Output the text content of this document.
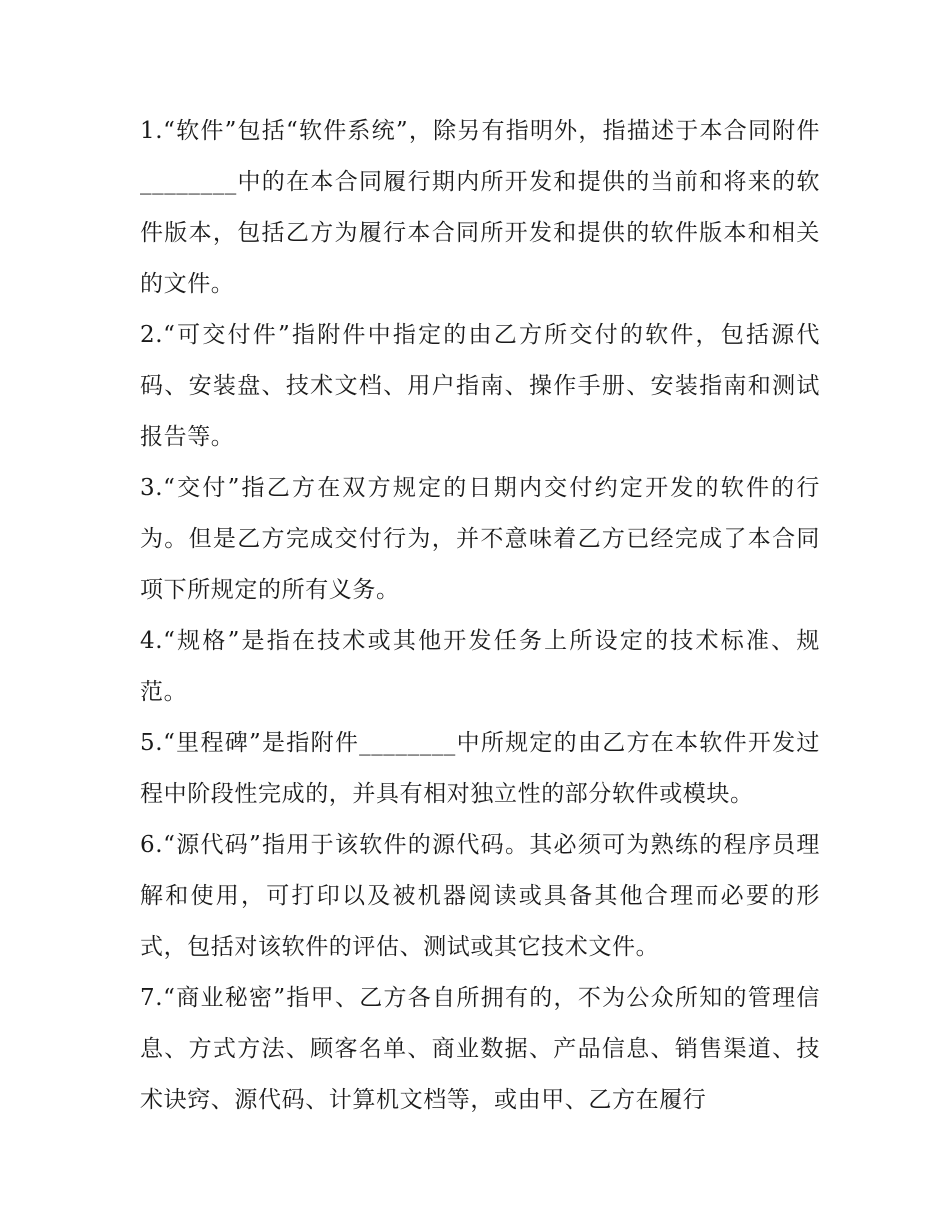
1.“软件”包括“软件系统”，除另有指明外，指描述于本合同附件________中的在本合同履行期内所开发和提供的当前和将来的软件版本，包括乙方为履行本合同所开发和提供的软件版本和相关的文件。

2.“可交付件”指附件中指定的由乙方所交付的软件，包括源代码、安装盘、技术文档、用户指南、操作手册、安装指南和测试报告等。

3.“交付”指乙方在双方规定的日期内交付约定开发的软件的行为。但是乙方完成交付行为，并不意味着乙方已经完成了本合同项下所规定的所有义务。

4.“规格”是指在技术或其他开发任务上所设定的技术标准、规范。

5.“里程碑”是指附件________中所规定的由乙方在本软件开发过程中阶段性完成的，并具有相对独立性的部分软件或模块。

6.“源代码”指用于该软件的源代码。其必须可为熟练的程序员理解和使用，可打印以及被机器阅读或具备其他合理而必要的形式，包括对该软件的评估、测试或其它技术文件。

7.“商业秘密”指甲、乙方各自所拥有的，不为公众所知的管理信息、方式方法、顾客名单、商业数据、产品信息、销售渠道、技术诀窍、源代码、计算机文档等，或由甲、乙方在履行
